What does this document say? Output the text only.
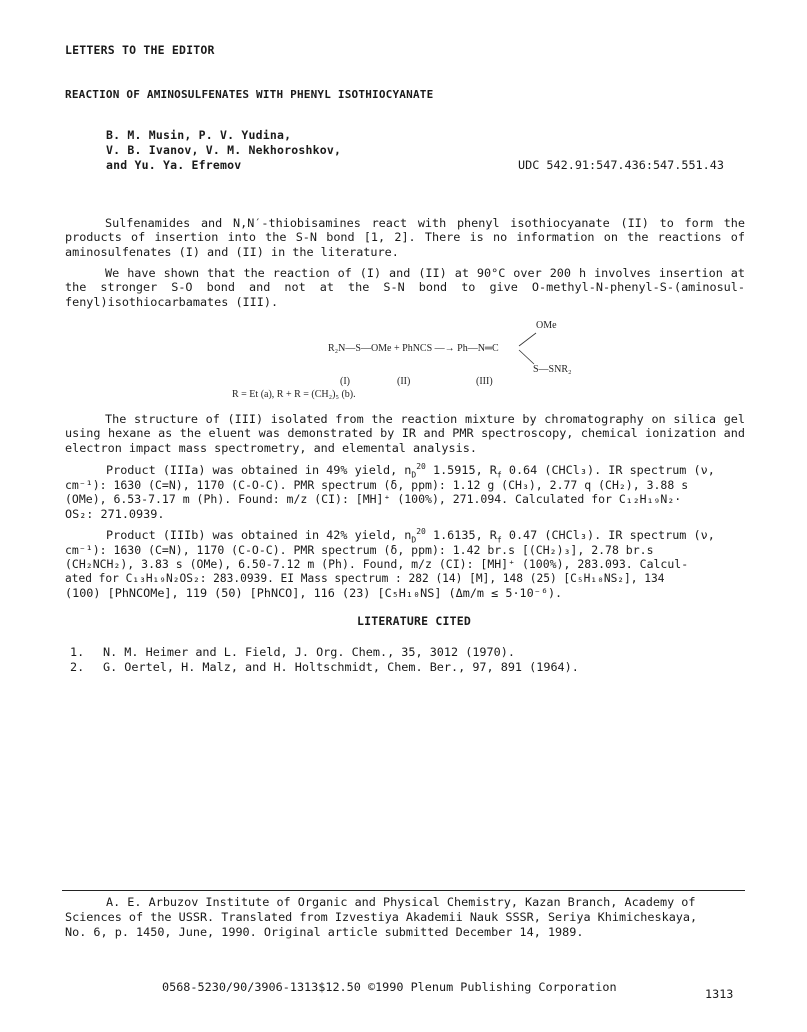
LETTERS TO THE EDITOR
REACTION OF AMINOSULFENATES WITH PHENYL ISOTHIOCYANATE
B. M. Musin, P. V. Yudina,
V. B. Ivanov, V. M. Nekhoroshkov,
and Yu. Ya. Efremov	UDC 542.91:547.436:547.551.43
Sulfenamides and N,N′-thiobisamines react with phenyl isothiocyanate (II) to form the products of insertion into the S-N bond [1, 2]. There is no information on the reactions of aminosulfenates (I) and (II) in the literature.
We have shown that the reaction of (I) and (II) at 90°C over 200 h involves insertion at the stronger S-O bond and not at the S-N bond to give O-methyl-N-phenyl-S-(aminosul-fenyl)isothiocarbamates (III).
OMe
R₂N—S—OMe + PhNCS —→ Ph—N═C
S—SNR₂
(I)	(II)	(III)
R = Et (a), R + R = (CH₂)₅ (b).
The structure of (III) isolated from the reaction mixture by chromatography on silica gel using hexane as the eluent was demonstrated by IR and PMR spectroscopy, chemical ionization and electron impact mass spectrometry, and elemental analysis.
Product (IIIa) was obtained in 49% yield, $n_D^{20}$ 1.5915, $R_f$ 0.64 (CHCl₃). IR spectrum (ν,
cm⁻¹): 1630 (C=N), 1170 (C-O-C). PMR spectrum (δ, ppm): 1.12 g (CH₃), 2.77 q (CH₂), 3.88 s
(OMe), 6.53-7.17 m (Ph). Found: m/z (CI): [MH]⁺ (100%), 271.094. Calculated for C₁₂H₁₉N₂·
OS₂: 271.0939.
Product (IIIb) was obtained in 42% yield, $n_D^{20}$ 1.6135, $R_f$ 0.47 (CHCl₃). IR spectrum (ν,
cm⁻¹): 1630 (C=N), 1170 (C-O-C). PMR spectrum (δ, ppm): 1.42 br.s [(CH₂)₃], 2.78 br.s
(CH₂NCH₂), 3.83 s (OMe), 6.50-7.12 m (Ph). Found, m/z (CI): [MH]⁺ (100%), 283.093. Calcul-
ated for C₁₃H₁₉N₂OS₂: 283.0939. EI Mass spectrum : 282 (14) [M], 148 (25) [C₅H₁₀NS₂], 134
(100) [PhNCOMe], 119 (50) [PhNCO], 116 (23) [C₅H₁₀NS] (Δm/m ≤ 5·10⁻⁶).
LITERATURE CITED
1. N. M. Heimer and L. Field, J. Org. Chem., 35, 3012 (1970).
2. G. Oertel, H. Malz, and H. Holtschmidt, Chem. Ber., 97, 891 (1964).
A. E. Arbuzov Institute of Organic and Physical Chemistry, Kazan Branch, Academy of
Sciences of the USSR. Translated from Izvestiya Akademii Nauk SSSR, Seriya Khimicheskaya,
No. 6, p. 1450, June, 1990. Original article submitted December 14, 1989.
0568-5230/90/3906-1313$12.50 ©1990 Plenum Publishing Corporation	1313
